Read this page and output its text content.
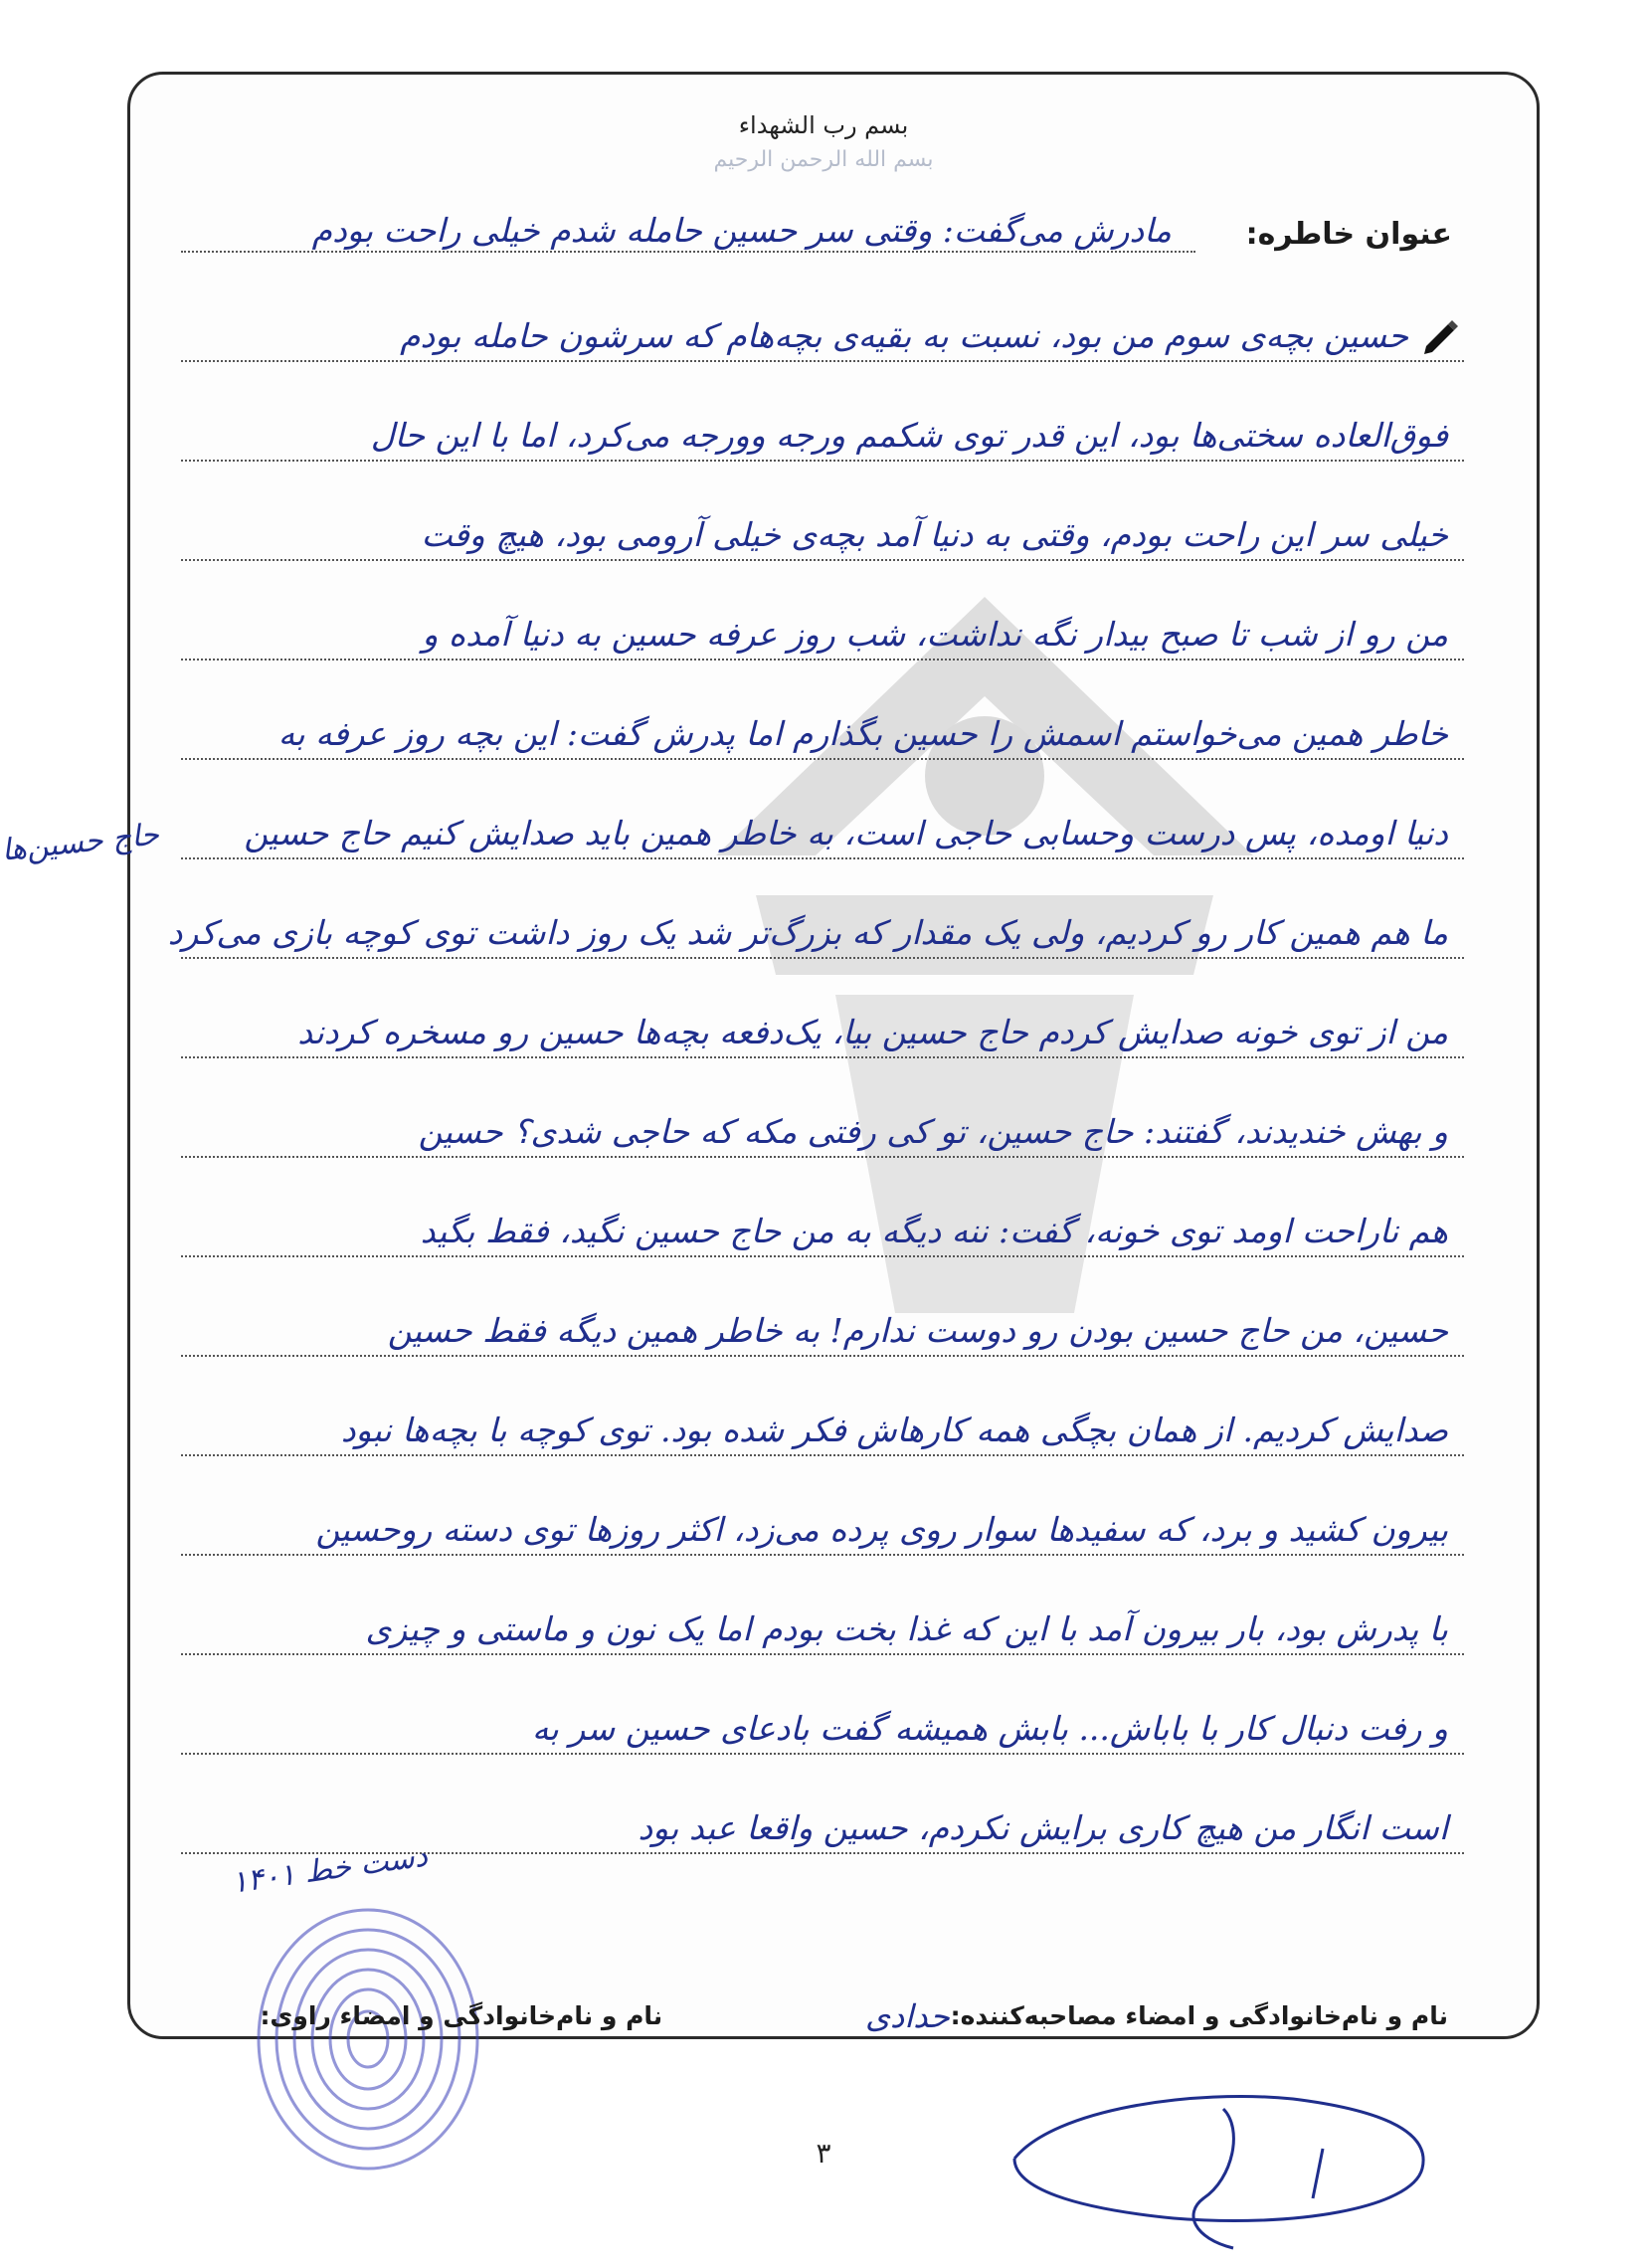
بسم الله الرحمن الرحیم
بسم رب الشهداء
عنوان خاطره:
مادرش می‌گفت: وقتی سر حسین حامله شدم خیلی راحت بودم
حسین بچه‌ی سوم من بود، نسبت به بقیه‌ی بچه‌هام که سرشون حامله بودم
فوق‌العاده سختی‌ها بود، این قدر توی شکمم ورجه وورجه می‌کرد، اما با این حال
خیلی سر این راحت بودم، وقتی به دنیا آمد بچه‌ی خیلی آرومی بود، هیچ وقت
من رو از شب تا صبح بیدار نگه نداشت، شب روز عرفه حسین به دنیا آمده و
خاطر همین می‌خواستم اسمش را حسین بگذارم اما پدرش گفت: این بچه روز عرفه به
دنیا اومده، پس درست وحسابی حاجی است، به خاطر همین باید صدایش کنیم حاج حسین
ما هم همین کار رو کردیم، ولی یک مقدار که بزرگ‌تر شد یک روز داشت توی کوچه بازی می‌کرد
من از توی خونه صدایش کردم حاج حسین بیا، یک‌دفعه بچه‌ها حسین رو مسخره کردند
و بهش خندیدند، گفتند: حاج حسین، تو کی رفتی مکه که حاجی شدی؟ حسین
هم ناراحت اومد توی خونه، گفت: ننه دیگه به من حاج حسین نگید، فقط بگید
حسین، من حاج حسین بودن رو دوست ندارم! به خاطر همین دیگه فقط حسین
صدایش کردیم. از همان بچگی همه کارهاش فکر شده بود. توی کوچه با بچه‌ها نبود
بیرون کشید و برد، که سفیدها سوار روی پرده می‌زد، اکثر روزها توی دسته روحسین
با پدرش بود، بار بیرون آمد با این که غذا بخت بودم اما یک نون و ماستی و چیزی
و رفت دنبال کار با باباش... بابش همیشه گفت بادعای حسین سر به
است انگار من هیچ کاری برایش نکردم، حسین واقعا عبد بود
حاج حسین‌ها
دست خط ۱۴۰۱
نام و نام‌خانوادگی و امضاء مصاحبه‌کننده:  نام و نام‌خانوادگی و امضاء راوی:	حدادی
۳
